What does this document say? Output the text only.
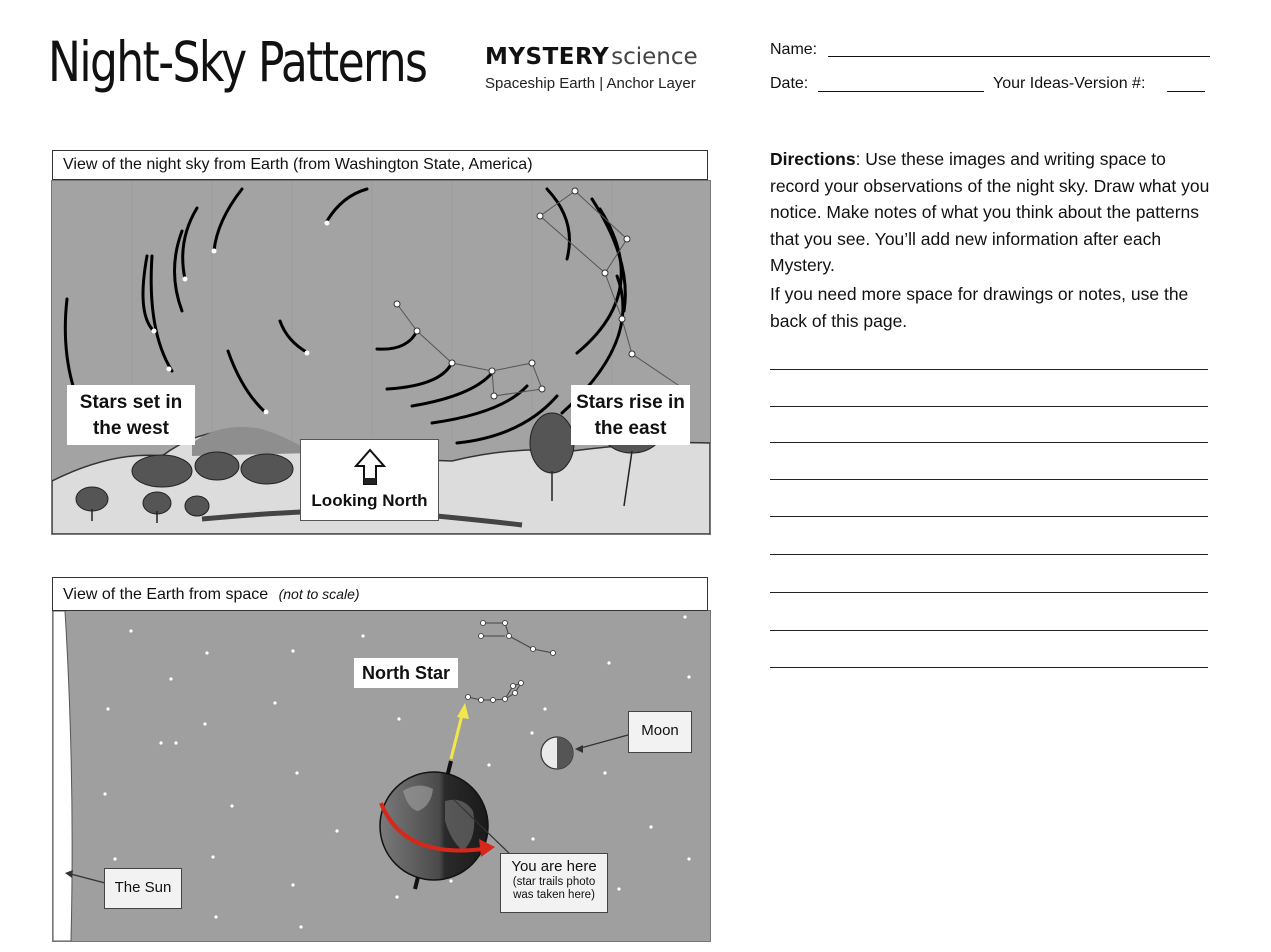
Night-Sky Patterns	MYSTERYscience
Spaceship Earth | Anchor Layer
Name:
Date:	Your Ideas-Version #:
View of the night sky from Earth (from Washington State, America)
Stars set in the west
Stars rise in the east
Looking North
View of the Earth from space (not to scale)
North Star
Moon
The Sun
You are here
(star trails photo was taken here)

Directions: Use these images and writing space to record your observations of the night sky. Draw what you notice. Make notes of what you think about the patterns that you see. You’ll add new information after each Mystery.

If you need more space for drawings or notes, use the back of this page.
